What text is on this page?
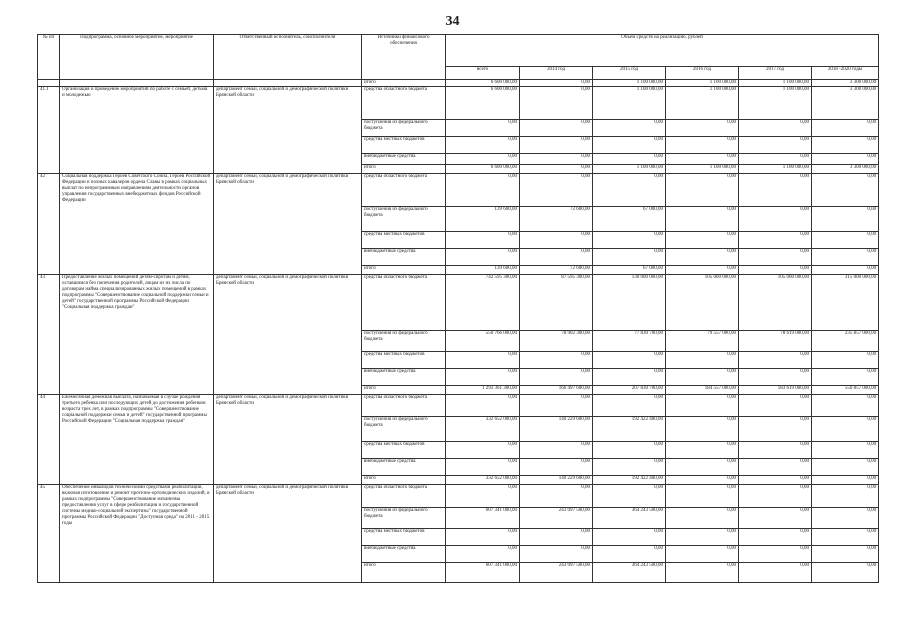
34
№ пп	Подпрограмма, основное мероприятие, мероприятие	Ответственный исполнитель, соисполнители	Источники финансового обеспечения	Объем средств на реализацию, рублей					
				всего	2014 год	2015 год	2016 год	2017 год	2018 -2020 годы
			итого	6 600 000,00	0,00	1 100 000,00	1 100 000,00	1 100 000,00	3 300 000,00
41.1	Организация и проведение мероприятий по работе с семьей, детьми и молодежью	департамент семьи, социальной и демографической политики Брянской области	средства областного бюджета	6 600 000,00	0,00	1 100 000,00	1 100 000,00	1 100 000,00	3 300 000,00
			поступления из федерального бюджета	0,00	0,00	0,00	0,00	0,00	0,00
			средства местных бюджетов	0,00	0,00	0,00	0,00	0,00	0,00
			внебюджетные средства	0,00	0,00	0,00	0,00	0,00	0,00
			итого	6 600 000,00	0,00	1 100 000,00	1 100 000,00	1 100 000,00	3 300 000,00
42	Социальная поддержка Героев Советского Союза, Героев Российской Федерации и полных кавалеров ордена Славы в рамках социальных выплат по непрограммным направлениям деятельности органов управления государственных внебюджетных фондов Российской Федерации	департамент семьи, социальной и демографической политики Брянской области	средства областного бюджета	0,00	0,00	0,00	0,00	0,00	0,00
			поступления из федерального бюджета	139 600,00	72 600,00	67 000,00	0,00	0,00	0,00
			средства местных бюджетов	0,00	0,00	0,00	0,00	0,00	0,00
			внебюджетные средства	0,00	0,00	0,00	0,00	0,00	0,00
			итого	139 600,00	72 600,00	67 000,00	0,00	0,00	0,00
43	Предоставление жилых помещений детям-сиротам и детям, оставшимся без попечения родителей, лицам из их числа по договорам найма специализированных жилых помещений в рамках подпрограммы "Совершенствование социальной поддержки семьи и детей" государственной программы Российской Федерации "Социальная поддержка граждан"	департамент семьи, социальной и демографической политики Брянской области	средства областного бюджета	742 595 300,00	87 595 300,00	130 000 000,00	105 000 000,00	105 000 000,00	315 000 000,00
			поступления из федерального бюджета	550 766 000,00	78 902 300,00	77 830 700,00	79 557 000,00	78 619 000,00	235 857 000,00
			средства местных бюджетов	0,00	0,00	0,00	0,00	0,00	0,00
			внебюджетные средства	0,00	0,00	0,00	0,00	0,00	0,00
			итого	1 293 361 300,00	166 497 600,00	207 830 700,00	184 557 000,00	183 619 000,00	550 857 000,00
44	Ежемесячная денежная выплата, назначаемая в случае рождения третьего ребенка или последующих детей до достижения ребенком возраста трех лет, в рамках подпрограммы "Совершенствование социальной поддержки семьи и детей" государственной программы Российской Федерации "Социальная поддержка граждан"	департамент семьи, социальной и демографической политики Брянской области	средства областного бюджета	0,00	0,00	0,00	0,00	0,00	0,00
			поступления из федерального бюджета	332 652 000,00	140 229 600,00	192 422 400,00	0,00	0,00	0,00
			средства местных бюджетов	0,00	0,00	0,00	0,00	0,00	0,00
			внебюджетные средства	0,00	0,00	0,00	0,00	0,00	0,00
			итого	332 652 000,00	140 229 600,00	192 422 400,00	0,00	0,00	0,00
45	Обеспечение инвалидов техническими средствами реабилитации, включая изготовление и ремонт протезно-ортопедических изделий, в рамках подпрограммы "Совершенствование механизма предоставления услуг в сфере реабилитации и государственной системы медико-социальной экспертизы" государственной программы Российской Федерации "Доступная среда" на 2011 - 2015 годы	департамент семьи, социальной и демографической политики Брянской области	средства областного бюджета	0,00	0,00	0,00	0,00	0,00	0,00
			поступления из федерального бюджета	607 341 000,00	243 097 500,00	364 243 500,00	0,00	0,00	0,00
			средства местных бюджетов	0,00	0,00	0,00	0,00	0,00	0,00
			внебюджетные средства	0,00	0,00	0,00	0,00	0,00	0,00
			итого	607 341 000,00	243 097 500,00	364 243 500,00	0,00	0,00	0,00
